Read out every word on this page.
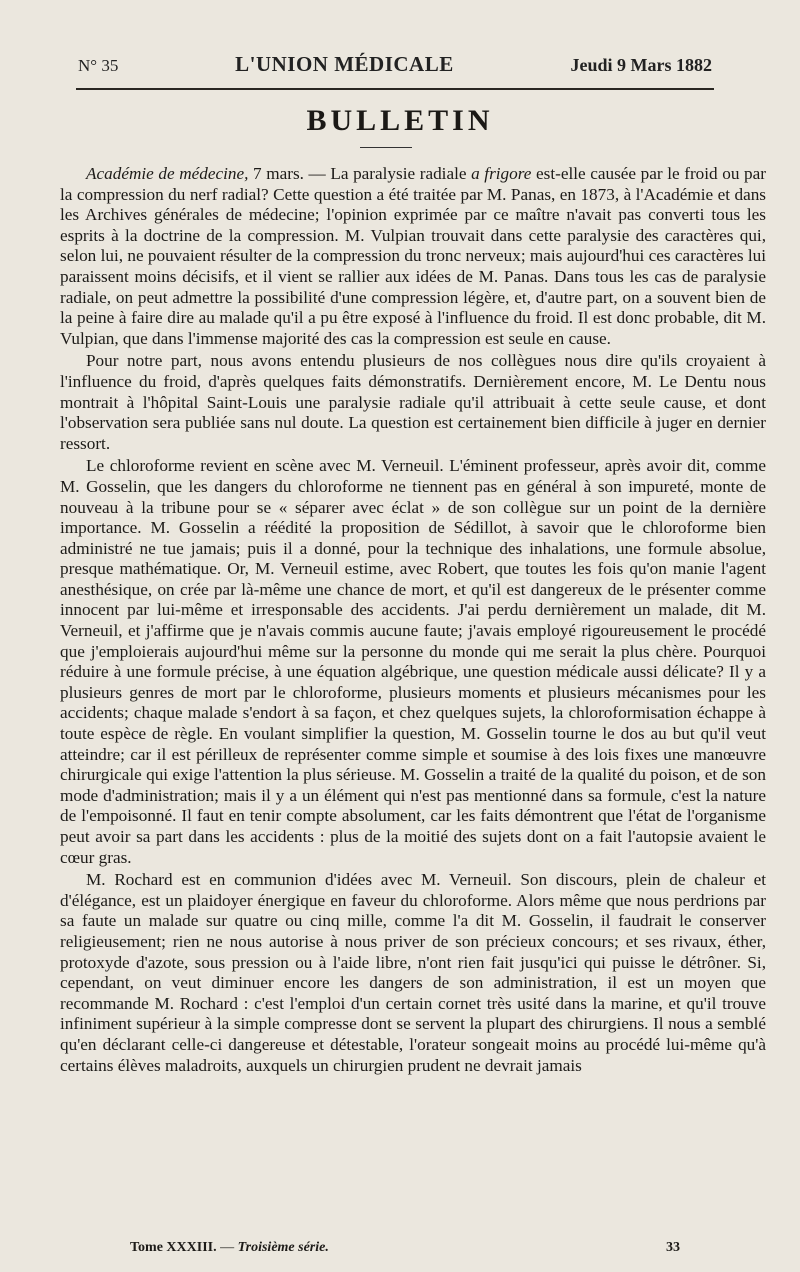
N° 35	L'UNION MÉDICALE	Jeudi 9 Mars 1882
BULLETIN

Académie de médecine, 7 mars. — La paralysie radiale a frigore est-elle causée par le froid ou par la compression du nerf radial? Cette question a été traitée par M. Panas, en 1873, à l'Académie et dans les Archives générales de médecine; l'opinion exprimée par ce maître n'avait pas converti tous les esprits à la doctrine de la compression. M. Vulpian trouvait dans cette paralysie des caractères qui, selon lui, ne pouvaient résulter de la compression du tronc nerveux; mais aujourd'hui ces caractères lui paraissent moins décisifs, et il vient se rallier aux idées de M. Panas. Dans tous les cas de paralysie radiale, on peut admettre la possibilité d'une compression légère, et, d'autre part, on a souvent bien de la peine à faire dire au malade qu'il a pu être exposé à l'influence du froid. Il est donc probable, dit M. Vulpian, que dans l'immense majorité des cas la compression est seule en cause.

Pour notre part, nous avons entendu plusieurs de nos collègues nous dire qu'ils croyaient à l'influence du froid, d'après quelques faits démonstratifs. Dernièrement encore, M. Le Dentu nous montrait à l'hôpital Saint-Louis une paralysie radiale qu'il attribuait à cette seule cause, et dont l'observation sera publiée sans nul doute. La question est certainement bien difficile à juger en dernier ressort.

Le chloroforme revient en scène avec M. Verneuil. L'éminent professeur, après avoir dit, comme M. Gosselin, que les dangers du chloroforme ne tiennent pas en général à son impureté, monte de nouveau à la tribune pour se « séparer avec éclat » de son collègue sur un point de la dernière importance. M. Gosselin a réédité la proposition de Sédillot, à savoir que le chloroforme bien administré ne tue jamais; puis il a donné, pour la technique des inhalations, une formule absolue, presque mathématique. Or, M. Verneuil estime, avec Robert, que toutes les fois qu'on manie l'agent anesthésique, on crée par là-même une chance de mort, et qu'il est dangereux de le présenter comme innocent par lui-même et irresponsable des accidents. J'ai perdu dernièrement un malade, dit M. Verneuil, et j'affirme que je n'avais commis aucune faute; j'avais employé rigoureusement le procédé que j'emploierais aujourd'hui même sur la personne du monde qui me serait la plus chère. Pourquoi réduire à une formule précise, à une équation algébrique, une question médicale aussi délicate? Il y a plusieurs genres de mort par le chloroforme, plusieurs moments et plusieurs mécanismes pour les accidents; chaque malade s'endort à sa façon, et chez quelques sujets, la chloroformisation échappe à toute espèce de règle. En voulant simplifier la question, M. Gosselin tourne le dos au but qu'il veut atteindre; car il est périlleux de représenter comme simple et soumise à des lois fixes une manœuvre chirurgicale qui exige l'attention la plus sérieuse. M. Gosselin a traité de la qualité du poison, et de son mode d'administration; mais il y a un élément qui n'est pas mentionné dans sa formule, c'est la nature de l'empoisonné. Il faut en tenir compte absolument, car les faits démontrent que l'état de l'organisme peut avoir sa part dans les accidents : plus de la moitié des sujets dont on a fait l'autopsie avaient le cœur gras.

M. Rochard est en communion d'idées avec M. Verneuil. Son discours, plein de chaleur et d'élégance, est un plaidoyer énergique en faveur du chloroforme. Alors même que nous perdrions par sa faute un malade sur quatre ou cinq mille, comme l'a dit M. Gosselin, il faudrait le conserver religieusement; rien ne nous autorise à nous priver de son précieux concours; et ses rivaux, éther, protoxyde d'azote, sous pression ou à l'aide libre, n'ont rien fait jusqu'ici qui puisse le détrôner. Si, cependant, on veut diminuer encore les dangers de son administration, il est un moyen que recommande M. Rochard : c'est l'emploi d'un certain cornet très usité dans la marine, et qu'il trouve infiniment supérieur à la simple compresse dont se servent la plupart des chirurgiens. Il nous a semblé qu'en déclarant celle-ci dangereuse et détestable, l'orateur songeait moins au procédé lui-même qu'à certains élèves maladroits, auxquels un chirurgien prudent ne devrait jamais

Tome XXXIII. — Troisième série.	33
